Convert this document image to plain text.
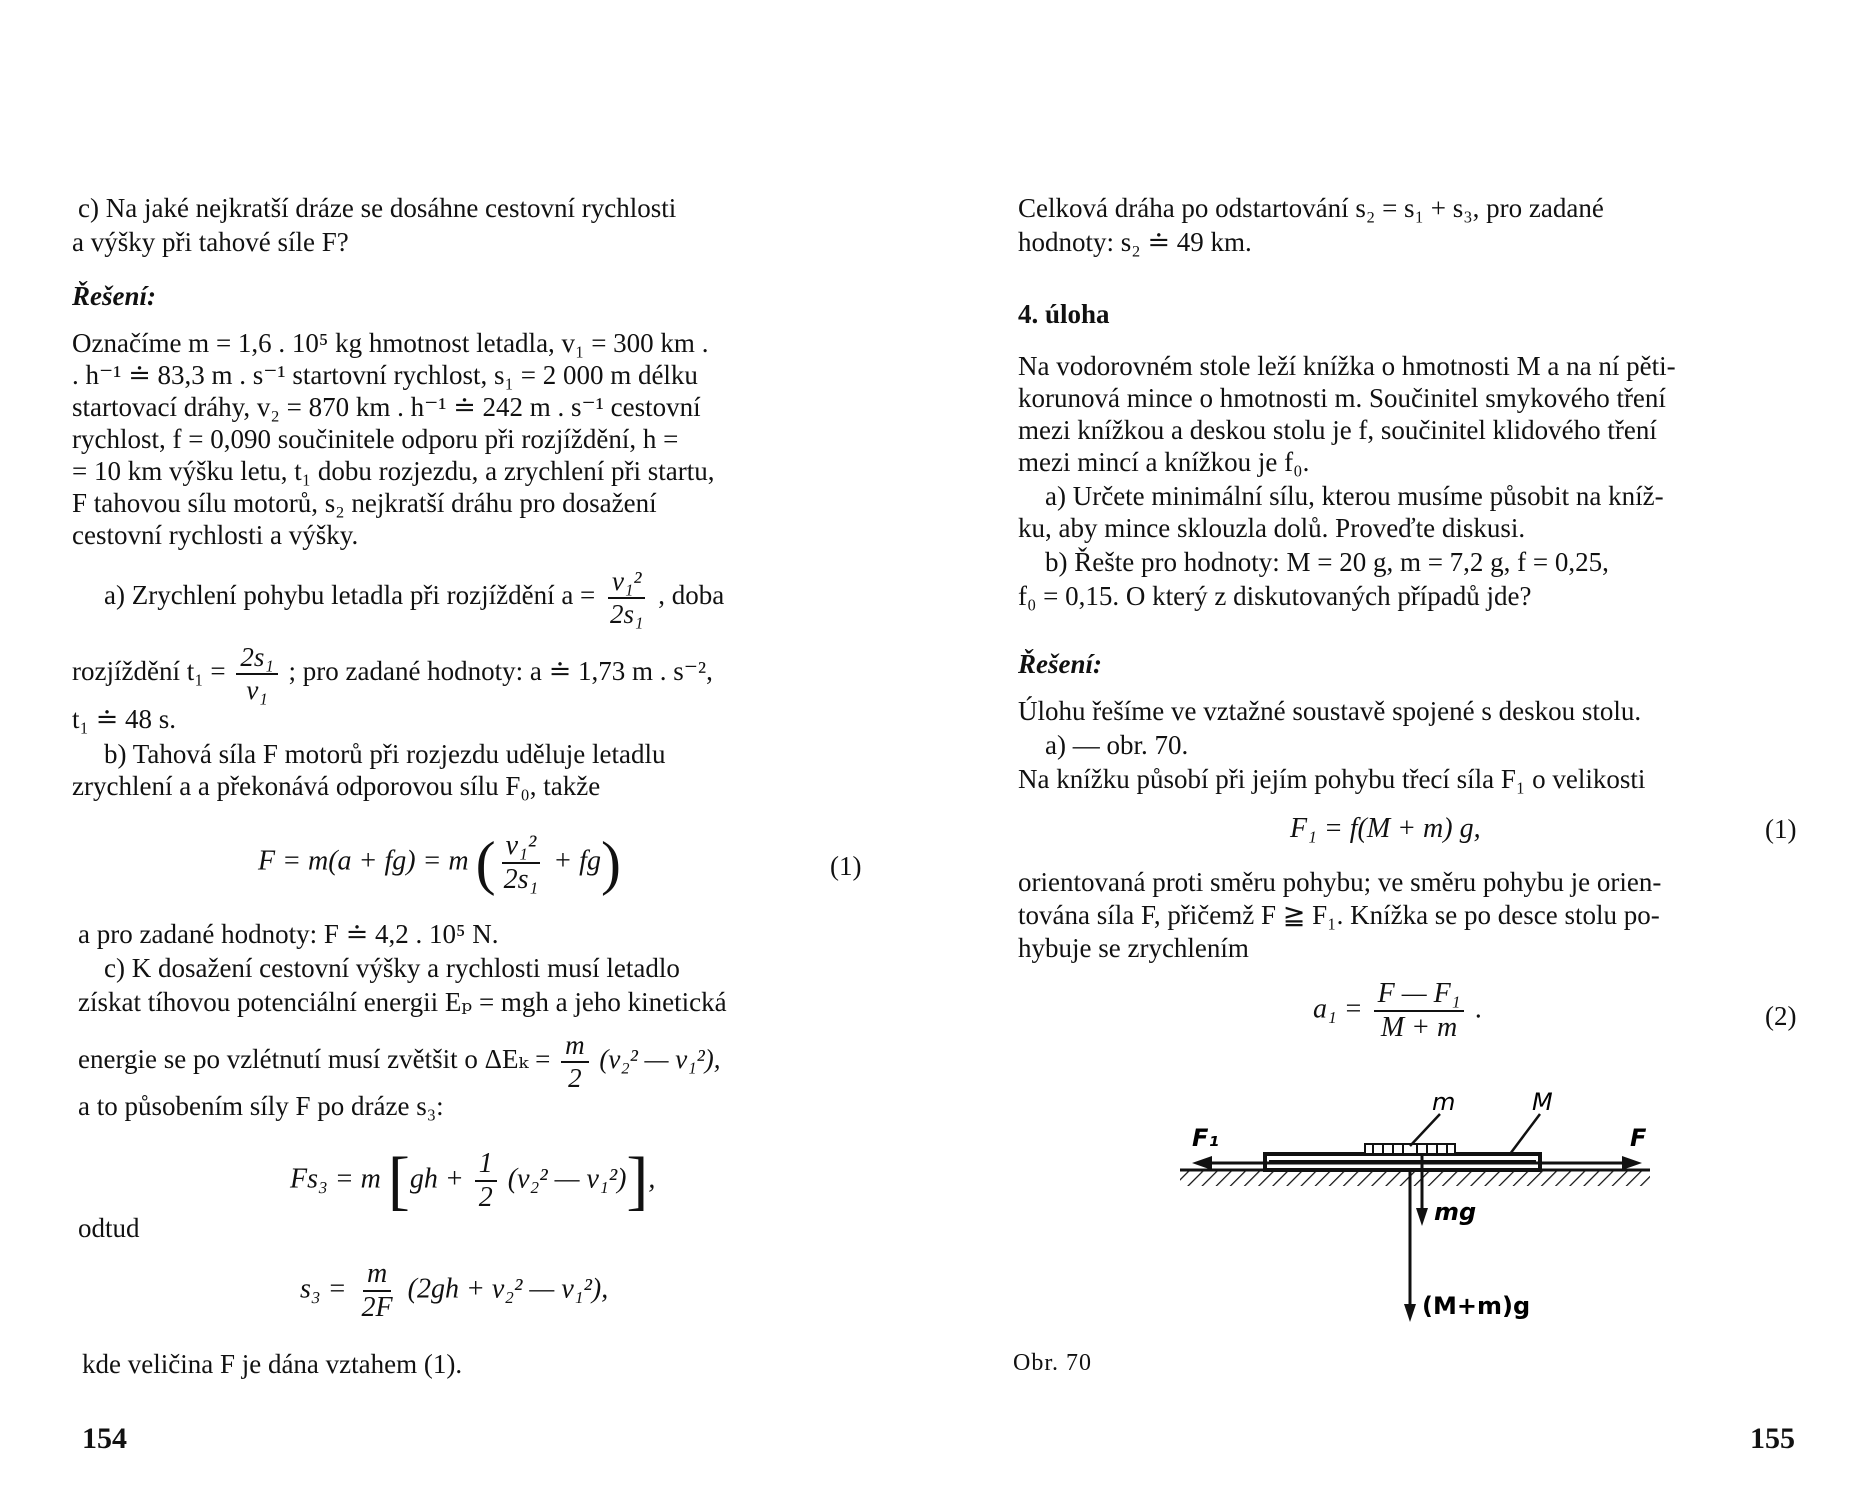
c) Na jaké nejkratší dráze se dosáhne cestovní rychlosti
a výšky při tahové síle F?
Řešení:
Označíme m = 1,6 . 10⁵ kg hmotnost letadla, v₁ = 300 km .
. h⁻¹ ≐ 83,3 m . s⁻¹ startovní rychlost, s₁ = 2 000 m délku
startovací dráhy, v₂ = 870 km . h⁻¹ ≐ 242 m . s⁻¹ cestovní
rychlost, f = 0,090 součinitele odporu při rozjíždění, h =
= 10 km výšku letu, t₁ dobu rozjezdu, a zrychlení při startu,
F tahovou sílu motorů, s₂ nejkratší dráhu pro dosažení
cestovní rychlosti a výšky.
a) Zrychlení pohybu letadla při rozjíždění $a = \frac{\text{v₁²}}{\text{2s₁}}$ , doba
rozjíždění $t_1 = \frac{\text{2s₁}}{\text{v₁}}$ ; pro zadané hodnoty: a ≐ 1,73 m . s⁻²,
t₁ ≐ 48 s.
b) Tahová síla F motorů při rozjezdu uděluje letadlu
zrychlení a a překonává odporovou sílu F₀, takže
F = m(a + fg) = m ( $\frac{\text{v₁²}}{\text{2s₁}} + fg$)	(1)
a pro zadané hodnoty: F ≐ 4,2 . 10⁵ N.
c) K dosažení cestovní výšky a rychlosti musí letadlo
získat tíhovou potenciální energii Eₚ = mgh a jeho kinetická
energie se po vzlétnutí musí zvětšit o $\Delta E_k = \frac{m}{2} (v_2^2$ — v₁²),
a to působením síly F po dráze s₃:
Fs₃ = m [$gh + \frac{1}{2} (v_2^2$ — v₁²)],
odtud
$s_3 = \frac{m}{2F} (2gh + v_2^2$ — v₁²),
kde veličina F je dána vztahem (1).
154
Celková dráha po odstartování s₂ = s₁ + s₃, pro zadané
hodnoty: s₂ ≐ 49 km.
4. úloha
Na vodorovném stole leží knížka o hmotnosti M a na ní pěti-
korunová mince o hmotnosti m. Součinitel smykového tření
mezi knížkou a deskou stolu je f, součinitel klidového tření
mezi mincí a knížkou je f₀.
a) Určete minimální sílu, kterou musíme působit na kníž-
ku, aby mince sklouzla dolů. Proveďte diskusi.
b) Řešte pro hodnoty: M = 20 g, m = 7,2 g, f = 0,25,
f₀ = 0,15. O který z diskutovaných případů jde?
Řešení:
Úlohu řešíme ve vztažné soustavě spojené s deskou stolu.
a) — obr. 70.
Na knížku působí při jejím pohybu třecí síla F₁ o velikosti
F₁ = f(M + m) g,	(1)
orientovaná proti směru pohybu; ve směru pohybu je orien-
tována síla F, přičemž F ≧ F₁. Knížka se po desce stolu po-
hybuje se zrychlením
$a_1 = \frac{\text{F — F₁}}{M + m}$ .	(2)
m	M
F₁	F
mg
(M+m)g
Obr. 70
155
